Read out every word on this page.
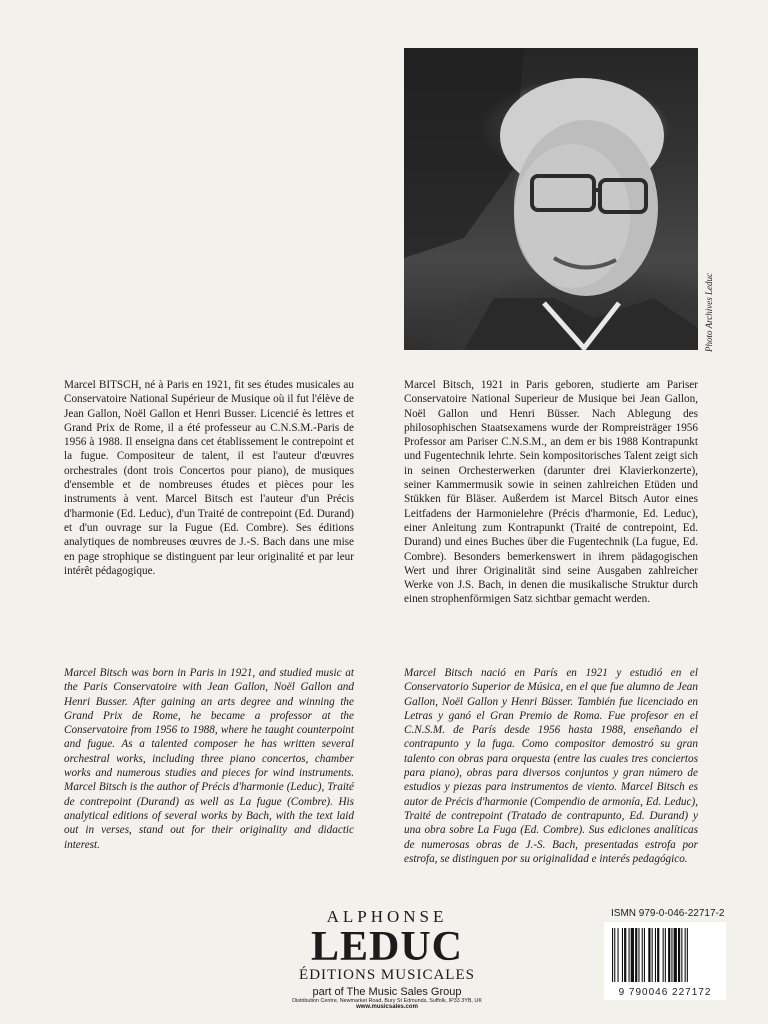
Photo Archives Leduc
Marcel BITSCH, né à Paris en 1921, fit ses études musicales au Conservatoire National Supérieur de Musique où il fut l'élève de Jean Gallon, Noël Gallon et Henri Busser. Licencié ès lettres et Grand Prix de Rome, il a été professeur au C.N.S.M.-Paris de 1956 à 1988. Il enseigna dans cet établissement le contrepoint et la fugue. Compositeur de talent, il est l'auteur d'œuvres orchestrales (dont trois Concertos pour piano), de musiques d'ensemble et de nombreuses études et pièces pour les instruments à vent. Marcel Bitsch est l'auteur d'un Précis d'harmonie (Ed. Leduc), d'un Traité de contrepoint (Ed. Durand) et d'un ouvrage sur la Fugue (Ed. Combre). Ses éditions analytiques de nombreuses œuvres de J.-S. Bach dans une mise en page strophique se distinguent par leur originalité et par leur intérêt pédagogique.
Marcel Bitsch, 1921 in Paris geboren, studierte am Pariser Conservatoire National Superieur de Musique bei Jean Gallon, Noël Gallon und Henri Büsser. Nach Ablegung des philosophischen Staatsexamens wurde der Rompreisträger 1956 Professor am Pariser C.N.S.M., an dem er bis 1988 Kontrapunkt und Fugentechnik lehrte. Sein kompositorisches Talent zeigt sich in seinen Orchesterwerken (darunter drei Klavierkonzerte), seiner Kammermusik sowie in seinen zahlreichen Etüden und Stükken für Bläser. Außerdem ist Marcel Bitsch Autor eines Leitfadens der Harmonielehre (Précis d'harmonie, Ed. Leduc), einer Anleitung zum Kontrapunkt (Traité de contrepoint, Ed. Durand) und eines Buches über die Fugentechnik (La fugue, Ed. Combre). Besonders bemerkenswert in ihrem pädagogischen Wert und ihrer Originalität sind seine Ausgaben zahlreicher Werke von J.S. Bach, in denen die musikalische Struktur durch einen strophenförmigen Satz sichtbar gemacht werden.
Marcel Bitsch was born in Paris in 1921, and studied music at the Paris Conservatoire with Jean Gallon, Noël Gallon and Henri Busser. After gaining an arts degree and winning the Grand Prix de Rome, he became a professor at the Conservatoire from 1956 to 1988, where he taught counterpoint and fugue. As a talented composer he has written several orchestral works, including three piano concertos, chamber works and numerous studies and pieces for wind instruments. Marcel Bitsch is the author of Précis d'harmonie (Leduc), Traité de contrepoint (Durand) as well as La fugue (Combre). His analytical editions of several works by Bach, with the text laid out in verses, stand out for their originality and didactic interest.
Marcel Bitsch nació en París en 1921 y estudió en el Conservatorio Superior de Música, en el que fue alumno de Jean Gallon, Noël Gallon y Henri Büsser. También fue licenciado en Letras y ganó el Gran Premio de Roma. Fue profesor en el C.N.S.M. de París desde 1956 hasta 1988, enseñando el contrapunto y la fuga. Como compositor demostró su gran talento con obras para orquesta (entre las cuales tres conciertos para piano), obras para diversos conjuntos y gran número de estudios y piezas para instrumentos de viento. Marcel Bitsch es autor de Précis d'harmonie (Compendio de armonía, Ed. Leduc), Traité de contrepoint (Tratado de contrapunto, Ed. Durand) y una obra sobre La Fuga (Ed. Combre). Sus ediciones analíticas de numerosas obras de J.-S. Bach, presentadas estrofa por estrofa, se distinguen por su originalidad e interés pedagógico.
ALPHONSE
LEDUC
ÉDITIONS MUSICALES
part of The Music Sales Group
Distribution Centre, Newmarket Road, Bury St Edmunds, Suffolk, IP33 3YB, UK
www.musicsales.com
ISMN 979-0-046-22717-2
9 790046 227172
